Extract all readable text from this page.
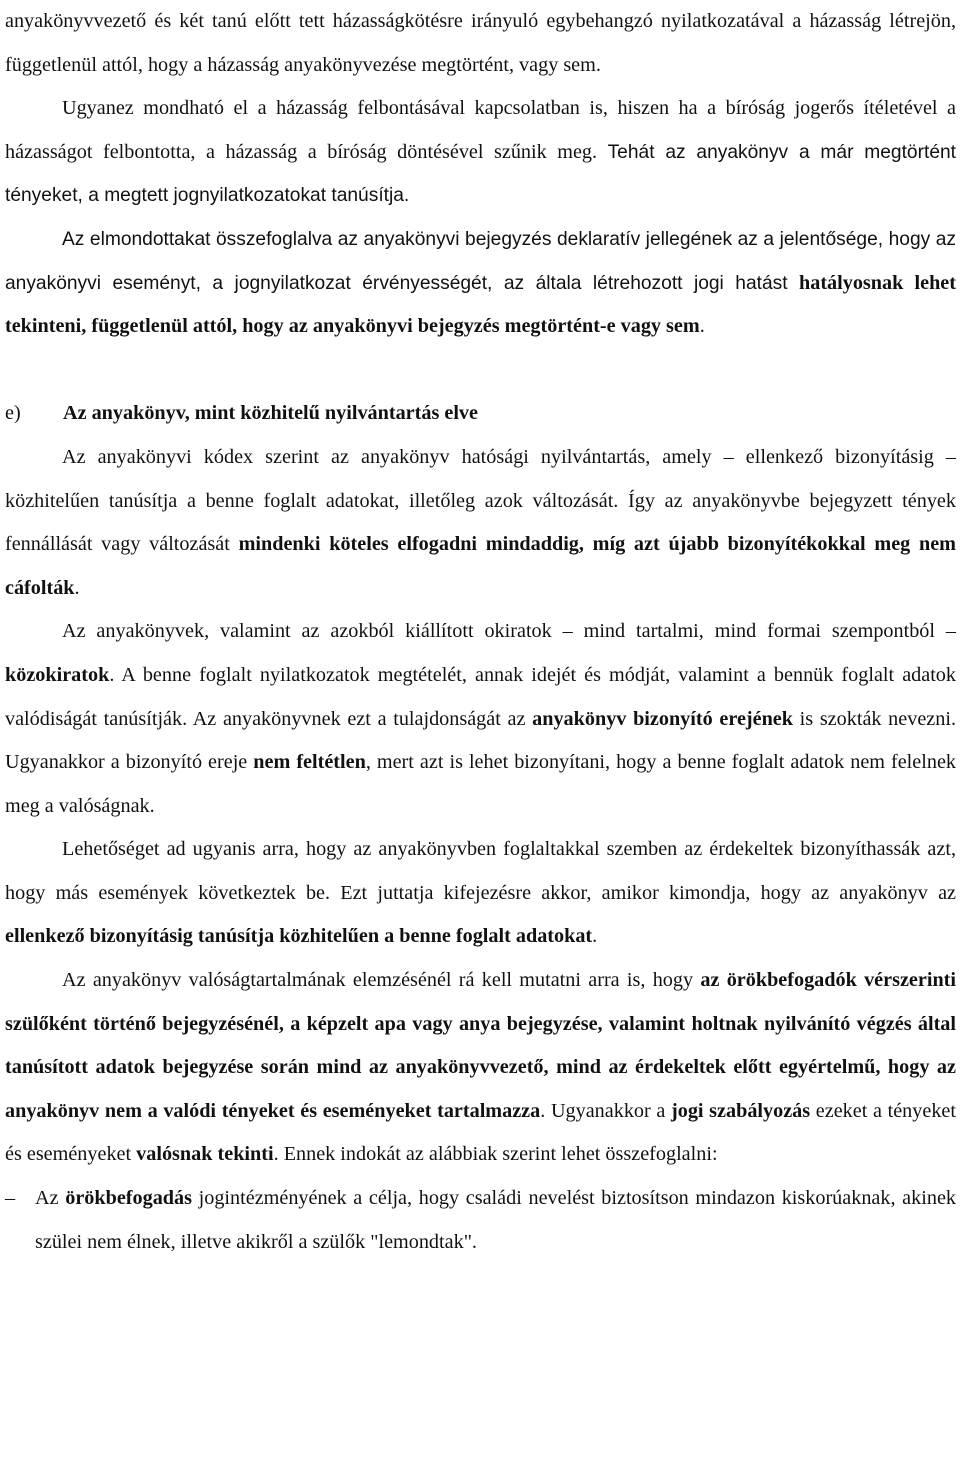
anyakönyvvezető és két tanú előtt tett házasságkötésre irányuló egybehangzó nyilatkozatával a házasság létrejön, függetlenül attól, hogy a házasság anyakönyvezése megtörtént, vagy sem.

Ugyanez mondható el a házasság felbontásával kapcsolatban is, hiszen ha a bíróság jogerős ítéletével a házasságot felbontotta, a házasság a bíróság döntésével szűnik meg. Tehát az anyakönyv a már megtörtént tényeket, a megtett jognyilatkozatokat tanúsítja.

Az elmondottakat összefoglalva az anyakönyvi bejegyzés deklaratív jellegének az a jelentősége, hogy az anyakönyvi eseményt, a jognyilatkozat érvényességét, az általa létrehozott jogi hatást hatályosnak lehet tekinteni, függetlenül attól, hogy az anyakönyvi bejegyzés megtörtént-e vagy sem.

e)	Az anyakönyv, mint közhitelű nyilvántartás elve

Az anyakönyvi kódex szerint az anyakönyv hatósági nyilvántartás, amely – ellenkező bizonyításig – közhitelűen tanúsítja a benne foglalt adatokat, illetőleg azok változását. Így az anyakönyvbe bejegyzett tények fennállását vagy változását mindenki köteles elfogadni mindaddig, míg azt újabb bizonyítékokkal meg nem cáfolták.

Az anyakönyvek, valamint az azokból kiállított okiratok – mind tartalmi, mind formai szempontból – közokiratok. A benne foglalt nyilatkozatok megtételét, annak idejét és módját, valamint a bennük foglalt adatok valódiságát tanúsítják. Az anyakönyvnek ezt a tulajdonságát az anyakönyv bizonyító erejének is szokták nevezni. Ugyanakkor a bizonyító ereje nem feltétlen, mert azt is lehet bizonyítani, hogy a benne foglalt adatok nem felelnek meg a valóságnak.

Lehetőséget ad ugyanis arra, hogy az anyakönyvben foglaltakkal szemben az érdekeltek bizonyíthassák azt, hogy más események következtek be. Ezt juttatja kifejezésre akkor, amikor kimondja, hogy az anyakönyv az ellenkező bizonyításig tanúsítja közhitelűen a benne foglalt adatokat.

Az anyakönyv valóságtartalmának elemzésénél rá kell mutatni arra is, hogy az örökbefogadók vérszerinti szülőként történő bejegyzésénél, a képzelt apa vagy anya bejegyzése, valamint holtnak nyilvánító végzés által tanúsított adatok bejegyzése során mind az anyakönyvvezető, mind az érdekeltek előtt egyértelmű, hogy az anyakönyv nem a valódi tényeket és eseményeket tartalmazza. Ugyanakkor a jogi szabályozás ezeket a tényeket és eseményeket valósnak tekinti. Ennek indokát az alábbiak szerint lehet összefoglalni:

– Az örökbefogadás jogintézményének a célja, hogy családi nevelést biztosítson mindazon kiskorúaknak, akinek szülei nem élnek, illetve akikről a szülők "lemondtak".
